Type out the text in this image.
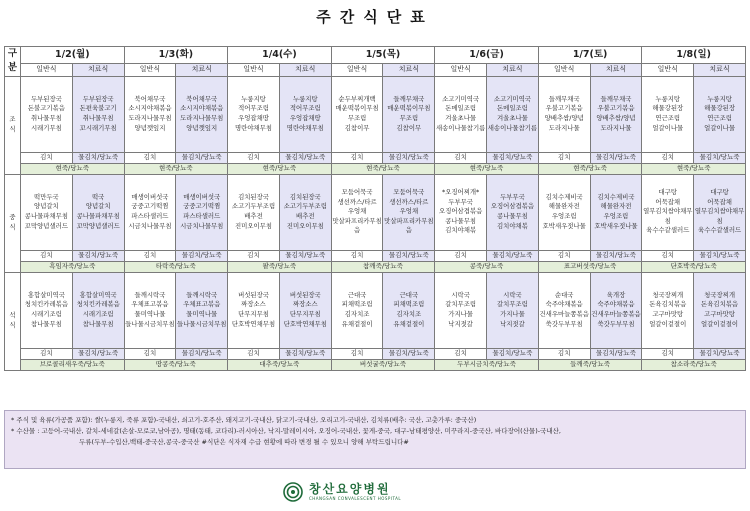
주간식단표
구
분	1/2(월)		1/3(화)		1/4(수)		1/5(목)		1/6(금)		1/7(토)		1/8(일)	
	일반식	치료식	일반식	치료식	일반식	치료식	일반식	치료식	일반식	치료식	일반식	치료식	일반식	치료식
조
식	두부된장국
돈불고기볶음
취나물무침
시래기무침	두부된장국
돈편육불고기
취나물무침
꼬시래기무침	북어채무국
소시지야채볶음
도라지나물무침
양념깻잎지	북어채무국
소시지야채볶음
도라지나물무침
양념깻잎지	누룽지탕
적어무조림
우엉잡채땅
명란야채무침	누룽지탕
적어무조림
우엉잡채땅
명란야채무침	순두부찌개백
매운떡볶이무침
무조림
김참이무	들깨무채국
매운떡볶이무침
무조림
김참이무	소고기미역국
돈메일조림
겨울초나물
새송이나물참기름	소고기미역국
돈메일조림
겨울초나물
새송이나물참기름	들깨무채국
우불고기볶음
양배추쌈/양념
도라지나물	들깨무채국
우불고기볶음
양배추쌈/양념
도라지나물	누룽지탕
해물강된장
연근조림
얼갈이나물	누룽지탕
해물강된장
연근조림
얼갈이나물
	김치	물김치/당뇨죽	김치	물김치/당뇨죽	김치	물김치/당뇨죽	김치	물김치/당뇨죽	김치	물김치/당뇨죽	김치	물김치/당뇨죽	김치	물김치/당뇨죽
	현죽/당뇨죽		현죽/당뇨죽		현죽/당뇨죽		현죽/당뇨죽		현죽/당뇨죽		현죽/당뇨죽		현죽/당뇨죽	
중
식	떡만두국
양념갈치
콩나물파채무침
꼬막양념샐러드	떡국
양념갈치
콩나물파채무침
꼬막양념샐러드	매생이버섯국
궁중고기떡찜
파스타샐러드
시금치나물무침	매생이버섯국
궁중고기떡찜
파스타샐러드
시금치나물무침	김치된장국
소고기두부조림
배추전
진미오이무침	김치된장국
소고기두부조림
배추전
진미오이무침	모둠어묵국
생선까스/타르
우엉채
맛살파프리카무침
음	모둠어묵국
생선까스/타르
우엉채
맛살파프리카무침
음	*오징어찌개*
두부무국
오징어삼겹볶음
콩나물무침
김치야채볶	두부무국
오징어삼겹볶음
콩나물무침
김치야채볶	김치수제비국
해물완자전
우엉조림
호박새우젓나물	김치수제비국
해물완자전
우엉조림
호박새우젓나물	대구탕
어묵잡채
열무김치쌈야채무
침
육수수같샐러드	대구탕
어묵잡채
열무김치쌈야채무
침
육수수같샐러드
	김치	물김치/당뇨죽	김치	물김치/당뇨죽	김치	물김치/당뇨죽	김치	물김치/당뇨죽	김치	물김치/당뇨죽	김치	물김치/당뇨죽	김치	물김치/당뇨죽
	흑임자죽/당뇨죽		타락죽/당뇨죽		팥죽/당뇨죽		참깨죽/당뇨죽		콩죽/당뇨죽		표고버섯죽/당뇨죽		단호박죽/당뇨죽	
석
식	홍합살미역국
청치킨카레볶음
시래기조림
참나물무침	홍합살미역국
청치킨카레볶음
시래기조림
참나물무침	들깨시락국
우체표고볶음
물미역나물
들나물시금치무침	들깨시락국
우체표고볶음
물미역나물
들나물시금치무침	버섯된장국
짜장소스
단무지무침
단호박연채무침	버섯된장국
짜장소스
단무지무침
단호박연채무침	근대국
피채떡조림
김자치조
유채겉절이	근대국
피채떡조림
김자치조
유채겉절이	시락국
갈치무조림
가지나물
낙지젓갈	시락국
갈치무조림
가지나물
낙지젓갈	순대국
숙주야채볶음
건새우마늘쫑볶음
쑥갓두부무침	육개장
숙주야채볶음
건새우마늘쫑볶음
쑥갓두부무침	청국장찌개
돈육김치볶음
고구마맛탕
얼갈이겉절이	청국장찌개
돈육김치볶음
고구마맛탕
얼갈이겉절이
	김치	물김치/당뇨죽	김치	물김치/당뇨죽	김치	물김치/당뇨죽	김치	물김치/당뇨죽	김치	물김치/당뇨죽	김치	물김치/당뇨죽	김치	물김치/당뇨죽
	브로콜리새우죽/당뇨죽		땅콩죽/당뇨죽		대추죽/당뇨죽		버섯굴죽/당뇨죽		두부시금치죽/당뇨죽		들깨죽/당뇨죽		참소라죽/당뇨죽	
* 주식 및 육류(가공품 포함): 쌀(누룽지, 죽류 포함)-국내산, 쇠고기-호주산, 돼지고기-국내산, 닭고기-국내산, 오리고기-국내산, 김치류(배추: 국산, 고춧가루: 중국산)
* 수산물 : 고등어-국내산, 갈치-세네갈(손살-모로코,남아공), 명태(동태, 코다리)-러시아산, 낙지-말레이시아, 오징어-국내산, 꽃게-중국, 대구-남태평양산, 미꾸라지-중국산, 바다장어(산물)-국내산,
두류(두부-수입산,백태-중국산,콩국-중국산 #식단은 식자재 수급 현황에 따라 변경 될 수 있으니 양해 부탁드립니다#
창산요양병원
CHANGSAN CONVALESCENT HOSPITAL
